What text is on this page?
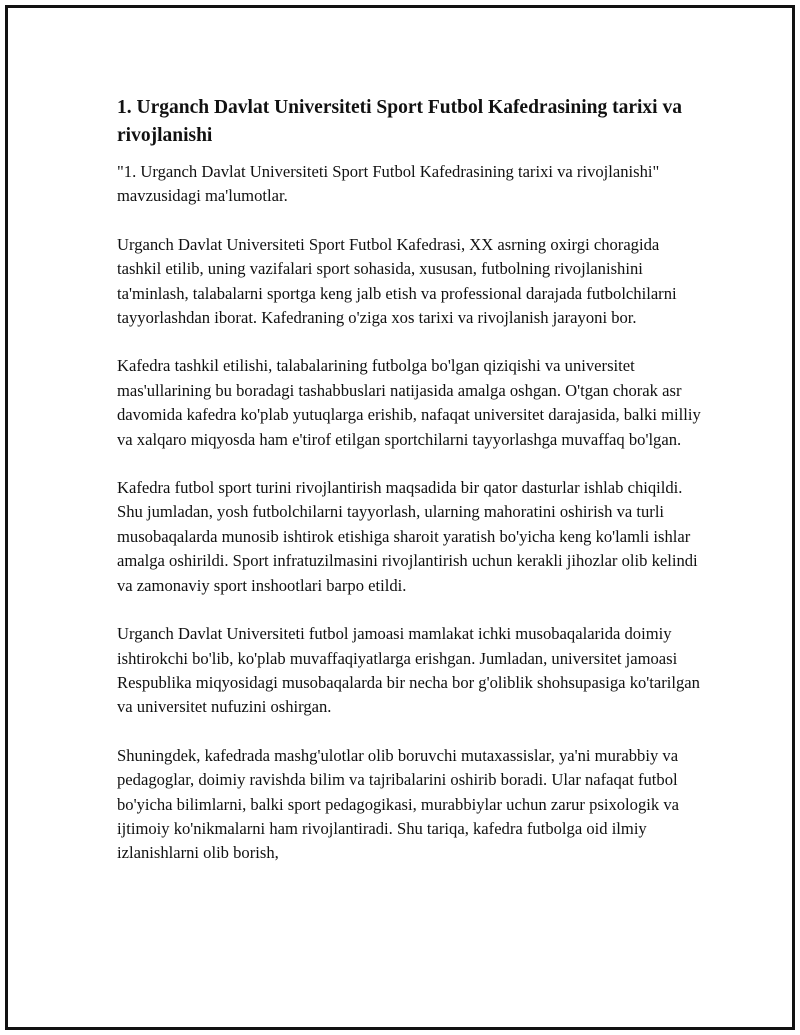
1. Urganch Davlat Universiteti Sport Futbol Kafedrasining tarixi va rivojlanishi

"1. Urganch Davlat Universiteti Sport Futbol Kafedrasining tarixi va rivojlanishi" mavzusidagi ma'lumotlar.

Urganch Davlat Universiteti Sport Futbol Kafedrasi, XX asrning oxirgi choragida tashkil etilib, uning vazifalari sport sohasida, xususan, futbolning rivojlanishini ta'minlash, talabalarni sportga keng jalb etish va professional darajada futbolchilarni tayyorlashdan iborat. Kafedraning o'ziga xos tarixi va rivojlanish jarayoni bor.

Kafedra tashkil etilishi, talabalarining futbolga bo'lgan qiziqishi va universitet mas'ullarining bu boradagi tashabbuslari natijasida amalga oshgan. O'tgan chorak asr davomida kafedra ko'plab yutuqlarga erishib, nafaqat universitet darajasida, balki milliy va xalqaro miqyosda ham e'tirof etilgan sportchilarni tayyorlashga muvaffaq bo'lgan.

Kafedra futbol sport turini rivojlantirish maqsadida bir qator dasturlar ishlab chiqildi. Shu jumladan, yosh futbolchilarni tayyorlash, ularning mahoratini oshirish va turli musobaqalarda munosib ishtirok etishiga sharoit yaratish bo'yicha keng ko'lamli ishlar amalga oshirildi. Sport infratuzilmasini rivojlantirish uchun kerakli jihozlar olib kelindi va zamonaviy sport inshootlari barpo etildi.

Urganch Davlat Universiteti futbol jamoasi mamlakat ichki musobaqalarida doimiy ishtirokchi bo'lib, ko'plab muvaffaqiyatlarga erishgan. Jumladan, universitet jamoasi Respublika miqyosidagi musobaqalarda bir necha bor g'oliblik shohsupasiga ko'tarilgan va universitet nufuzini oshirgan.

Shuningdek, kafedrada mashg'ulotlar olib boruvchi mutaxassislar, ya'ni murabbiy va pedagoglar, doimiy ravishda bilim va tajribalarini oshirib boradi. Ular nafaqat futbol bo'yicha bilimlarni, balki sport pedagogikasi, murabbiylar uchun zarur psixologik va ijtimoiy ko'nikmalarni ham rivojlantiradi. Shu tariqa, kafedra futbolga oid ilmiy izlanishlarni olib borish,
